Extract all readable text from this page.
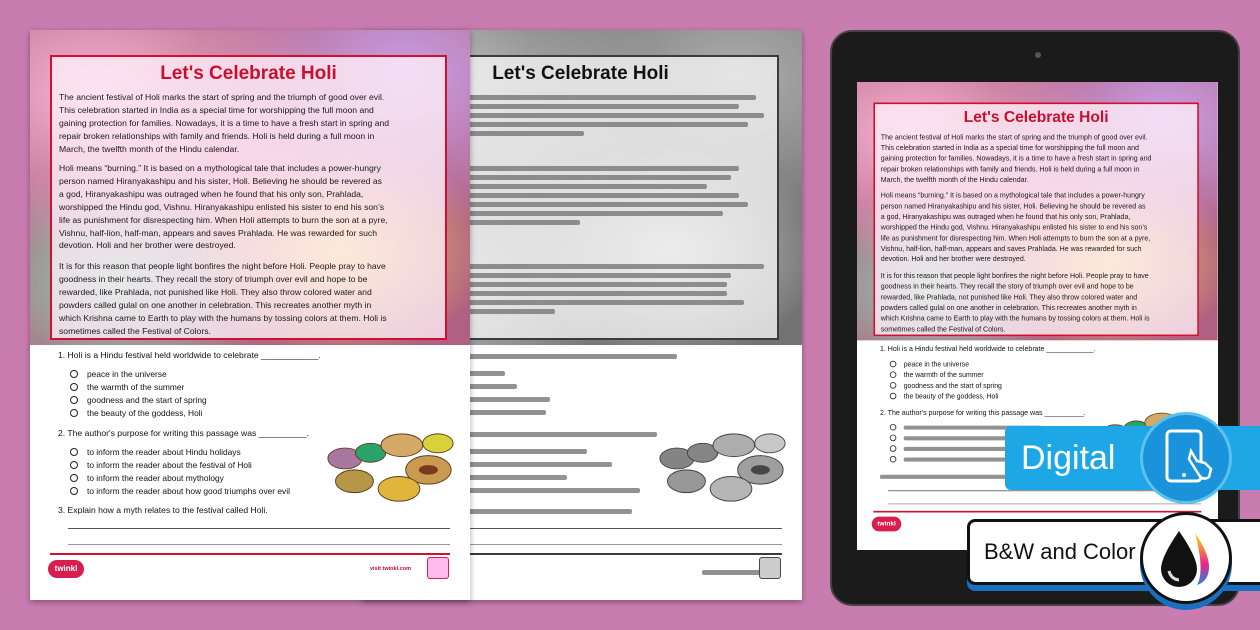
Let's Celebrate Holi
Let's Celebrate Holi
The ancient festival of Holi marks the start of spring and the triumph of good over evil.
This celebration started in India as a special time for worshipping the full moon and
gaining protection for families. Nowadays, it is a time to have a fresh start in spring and
repair broken relationships with family and friends. Holi is held during a full moon in
March, the twelfth month of the Hindu calendar.
Holi means “burning.” It is based on a mythological tale that includes a power-hungry
person named Hiranyakashipu and his sister, Holi. Believing he should be revered as
a god, Hiranyakashipu was outraged when he found that his only son, Prahlada,
worshipped the Hindu god, Vishnu. Hiranyakashipu enlisted his sister to end his son’s
life as punishment for disrespecting him. When Holi attempts to burn the son at a pyre,
Vishnu, half-lion, half-man, appears and saves Prahlada. He was rewarded for such
devotion. Holi and her brother were destroyed.
It is for this reason that people light bonfires the night before Holi. People pray to have
goodness in their hearts. They recall the story of triumph over evil and hope to be
rewarded, like Prahlada, not punished like Holi. They also throw colored water and
powders called gulal on one another in celebration. This recreates another myth in
which Krishna came to Earth to play with the humans by tossing colors at them. Holi is
sometimes called the Festival of Colors.
1. Holi is a Hindu festival held worldwide to celebrate ____________.
peace in the universe
the warmth of the summer
goodness and the start of spring
the beauty of the goddess, Holi
2. The author's purpose for writing this passage was __________.
to inform the reader about Hindu holidays
to inform the reader about the festival of Holi
to inform the reader about mythology
to inform the reader about how good triumphs over evil
3. Explain how a myth relates to the festival called Holi.
twinkl	visit twinkl.com
Let's Celebrate Holi
The ancient festival of Holi marks the start of spring and the triumph of good over evil.
This celebration started in India as a special time for worshipping the full moon and
gaining protection for families. Nowadays, it is a time to have a fresh start in spring and
repair broken relationships with family and friends. Holi is held during a full moon in
March, the twelfth month of the Hindu calendar.
Holi means “burning.” It is based on a mythological tale that includes a power-hungry
person named Hiranyakashipu and his sister, Holi. Believing he should be revered as
a god, Hiranyakashipu was outraged when he found that his only son, Prahlada,
worshipped the Hindu god, Vishnu. Hiranyakashipu enlisted his sister to end his son’s
life as punishment for disrespecting him. When Holi attempts to burn the son at a pyre,
Vishnu, half-lion, half-man, appears and saves Prahlada. He was rewarded for such
devotion. Holi and her brother were destroyed.
It is for this reason that people light bonfires the night before Holi. People pray to have
goodness in their hearts. They recall the story of triumph over evil and hope to be
rewarded, like Prahlada, not punished like Holi. They also throw colored water and
powders called gulal on one another in celebration. This recreates another myth in
which Krishna came to Earth to play with the humans by tossing colors at them. Holi is
sometimes called the Festival of Colors.
1. Holi is a Hindu festival held worldwide to celebrate ____________.
peace in the universe
the warmth of the summer
goodness and the start of spring
the beauty of the goddess, Holi
2. The author's purpose for writing this passage was __________.
twinkl
Digital
B&W and Color
